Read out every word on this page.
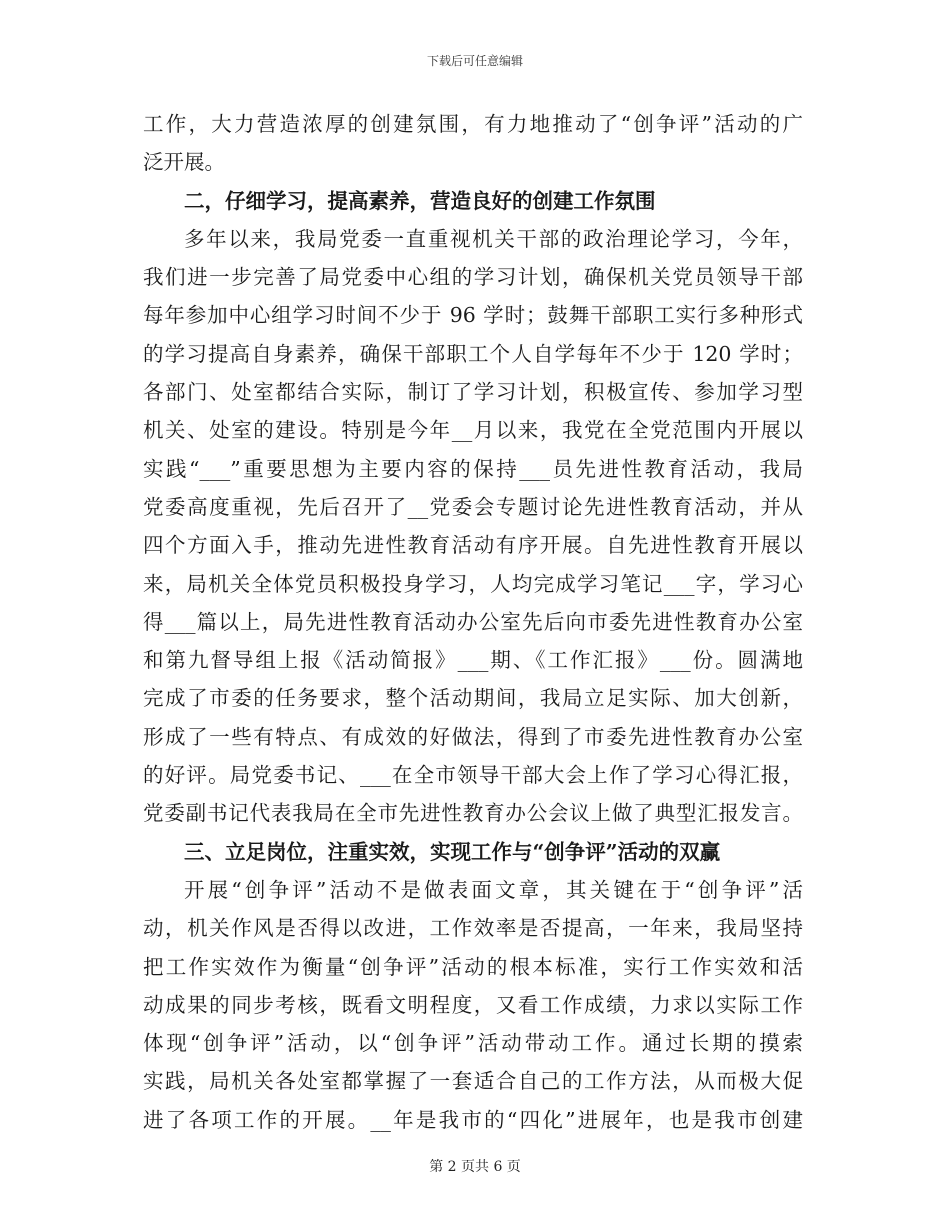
下载后可任意编辑
工作，大力营造浓厚的创建氛围，有力地推动了“创争评”活动的广
泛开展。
二，仔细学习，提高素养，营造良好的创建工作氛围
多年以来，我局党委一直重视机关干部的政治理论学习，今年，
我们进一步完善了局党委中心组的学习计划，确保机关党员领导干部
每年参加中心组学习时间不少于 96 学时；鼓舞干部职工实行多种形式
的学习提高自身素养，确保干部职工个人自学每年不少于 120 学时；
各部门、处室都结合实际，制订了学习计划，积极宣传、参加学习型
机关、处室的建设。特别是今年__月以来，我党在全党范围内开展以
实践“___”重要思想为主要内容的保持___员先进性教育活动，我局
党委高度重视，先后召开了__党委会专题讨论先进性教育活动，并从
四个方面入手，推动先进性教育活动有序开展。自先进性教育开展以
来，局机关全体党员积极投身学习，人均完成学习笔记___字，学习心
得___篇以上，局先进性教育活动办公室先后向市委先进性教育办公室
和第九督导组上报《活动简报》___期、《工作汇报》___份。圆满地
完成了市委的任务要求，整个活动期间，我局立足实际、加大创新，
形成了一些有特点、有成效的好做法，得到了市委先进性教育办公室
的好评。局党委书记、___在全市领导干部大会上作了学习心得汇报，
党委副书记代表我局在全市先进性教育办公会议上做了典型汇报发言。
三、立足岗位，注重实效，实现工作与“创争评”活动的双赢
开展“创争评”活动不是做表面文章，其关键在于“创争评”活
动，机关作风是否得以改进，工作效率是否提高，一年来，我局坚持
把工作实效作为衡量“创争评”活动的根本标准，实行工作实效和活
动成果的同步考核，既看文明程度，又看工作成绩，力求以实际工作
体现“创争评”活动，以“创争评”活动带动工作。通过长期的摸索
实践，局机关各处室都掌握了一套适合自己的工作方法，从而极大促
进了各项工作的开展。__年是我市的“四化”进展年，也是我市创建
第 2 页共 6 页
